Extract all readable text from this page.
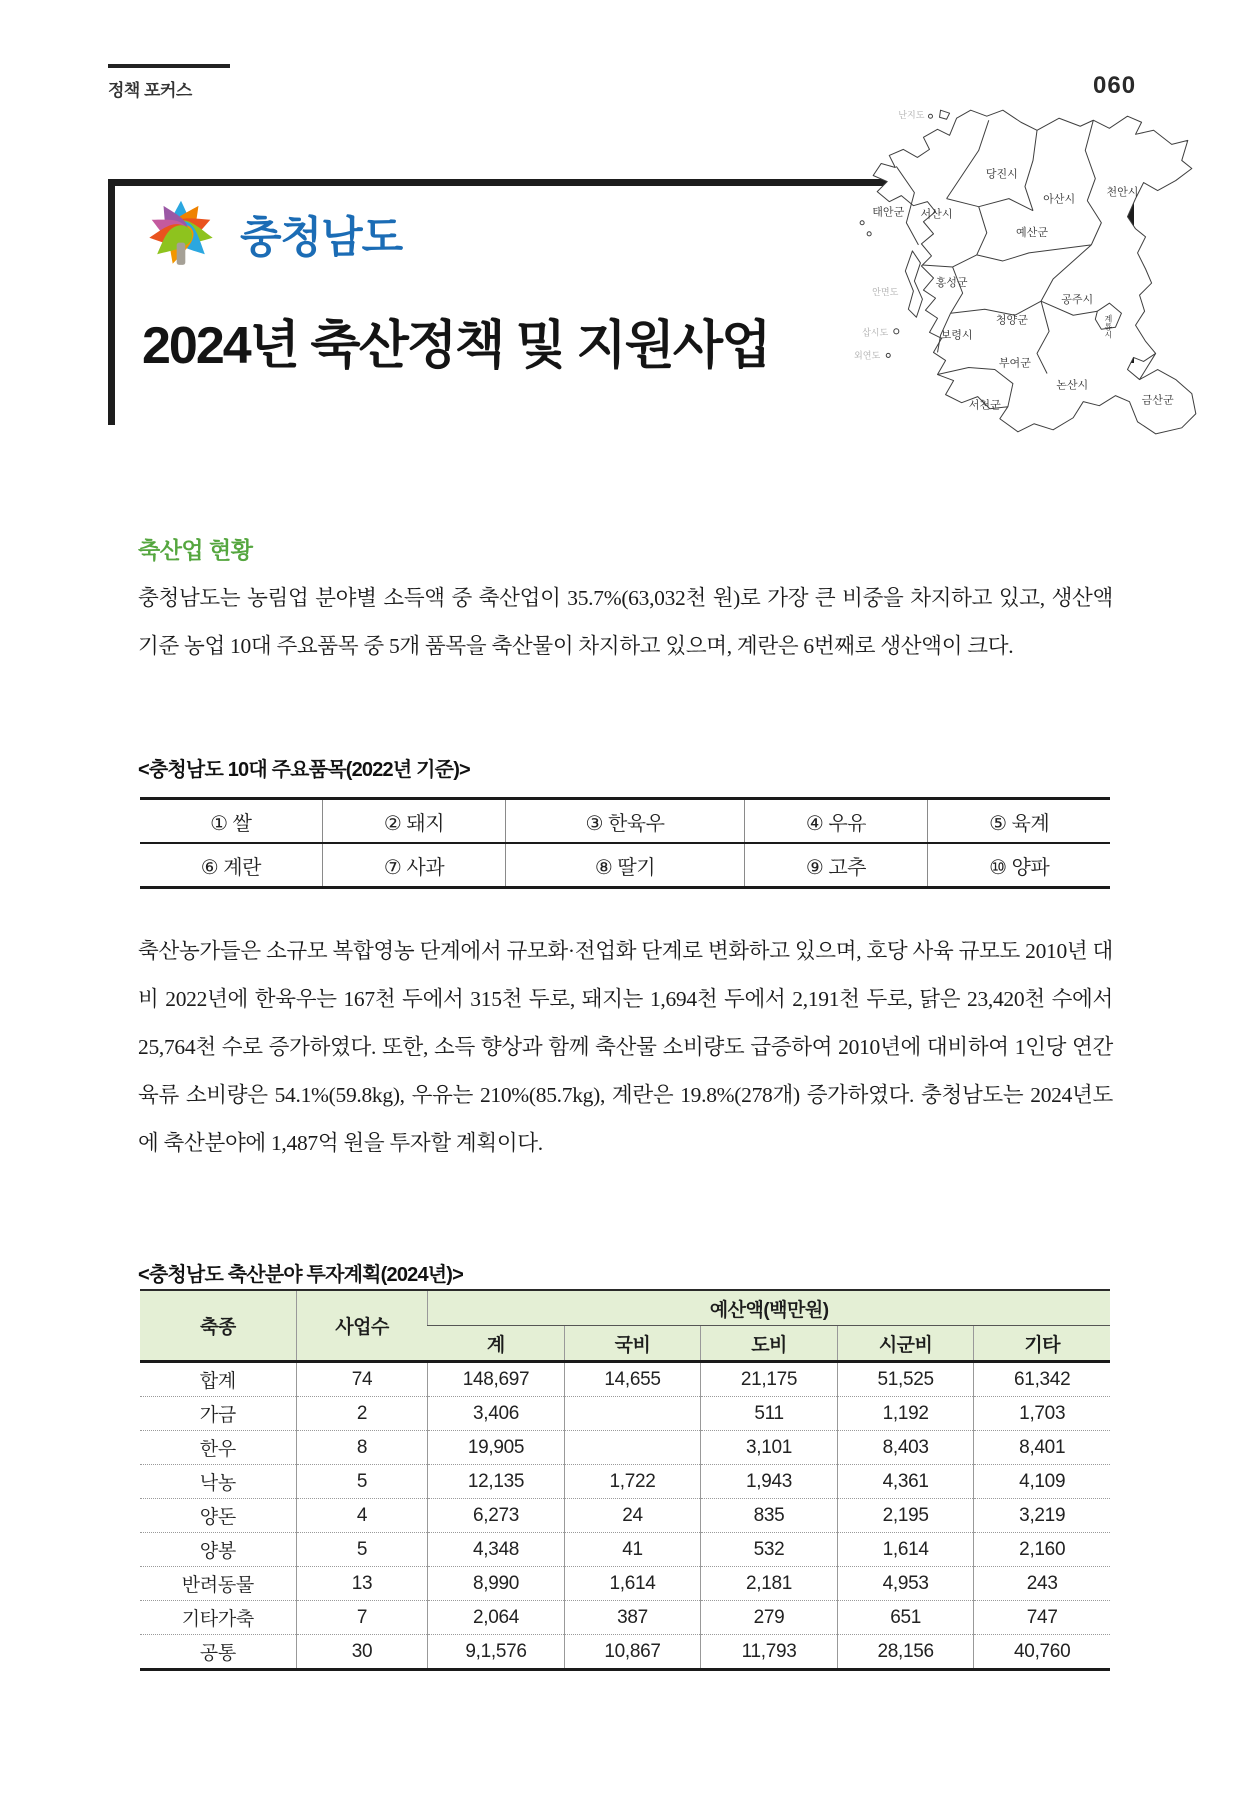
정책 포커스	060
충청남도
2024년 축산정책 및 지원사업
당진시
서산시
태안군
아산시
천안시
예산군
홍성군
공주시
청양군
보령시
부여군
계룡시
논산시
서천군	금산군
난지도
안면도
삽시도
외연도
축산업 현황

충청남도는 농림업 분야별 소득액 중 축산업이 35.7%(63,032천 원)로 가장 큰 비중을 차지하고 있고, 생산액 기준 농업 10대 주요품목 중 5개 품목을 축산물이 차지하고 있으며, 계란은 6번째로 생산액이 크다.

<충청남도 10대 주요품목(2022년 기준)>
① 쌀	② 돼지	③ 한육우	④ 우유	⑤ 육계
⑥ 계란	⑦ 사과	⑧ 딸기	⑨ 고추	⑩ 양파

축산농가들은 소규모 복합영농 단계에서 규모화·전업화 단계로 변화하고 있으며, 호당 사육 규모도 2010년 대비 2022년에 한육우는 167천 두에서 315천 두로, 돼지는 1,694천 두에서 2,191천 두로, 닭은 23,420천 수에서 25,764천 수로 증가하였다. 또한, 소득 향상과 함께 축산물 소비량도 급증하여 2010년에 대비하여 1인당 연간 육류 소비량은 54.1%(59.8kg), 우유는 210%(85.7kg), 계란은 19.8%(278개) 증가하였다. 충청남도는 2024년도에 축산분야에 1,487억 원을 투자할 계획이다.

<충청남도 축산분야 투자계획(2024년)>
축종	사업수	예산액(백만원)				
		계	국비	도비	시군비	기타
합계	74	148,697	14,655	21,175	51,525	61,342
가금	2	3,406		511	1,192	1,703
한우	8	19,905		3,101	8,403	8,401
낙농	5	12,135	1,722	1,943	4,361	4,109
양돈	4	6,273	24	835	2,195	3,219
양봉	5	4,348	41	532	1,614	2,160
반려동물	13	8,990	1,614	2,181	4,953	243
기타가축	7	2,064	387	279	651	747
공통	30	9,1,576	10,867	11,793	28,156	40,760
